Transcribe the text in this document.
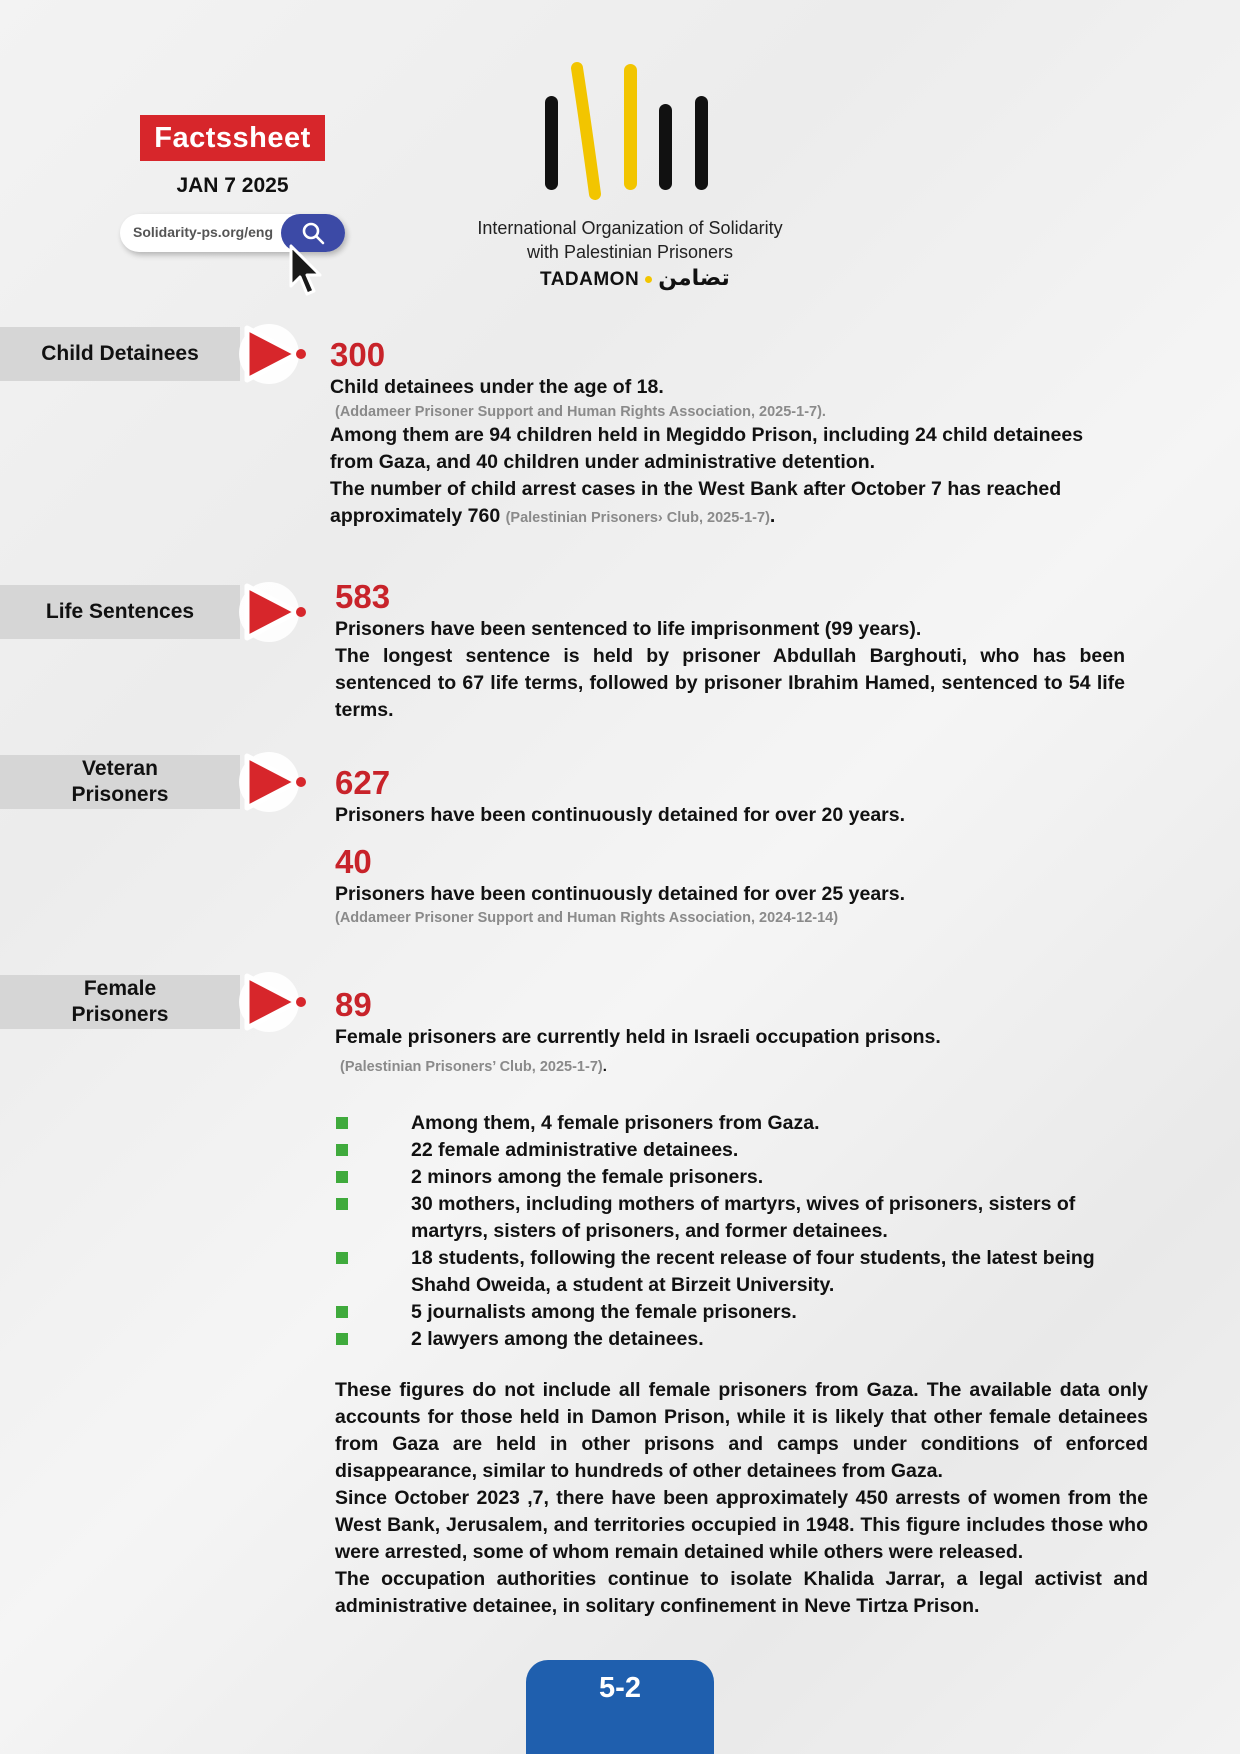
Factssheet
JAN 7 2025
Solidarity-ps.org/eng	International Organization of Solidarity
with Palestinian Prisoners
TADAMON تضامن
Child Detainees	300
Child detainees under the age of 18.
(Addameer Prisoner Support and Human Rights Association, 2025-1-7).
Among them are 94 children held in Megiddo Prison, including 24 child detainees from Gaza, and 40 children under administrative detention.
The number of child arrest cases in the West Bank after October 7 has reached approximately 760 (Palestinian Prisoners› Club, 2025-1-7).
Life Sentences	583
Prisoners have been sentenced to life imprisonment (99 years).
The longest sentence is held by prisoner Abdullah Barghouti, who has been sentenced to 67 life terms, followed by prisoner Ibrahim Hamed, sentenced to 54 life terms.
Veteran
Prisoners	627
Prisoners have been continuously detained for over 20 years.
40
Prisoners have been continuously detained for over 25 years.
(Addameer Prisoner Support and Human Rights Association, 2024-12-14)
Female
Prisoners	89
Female prisoners are currently held in Israeli occupation prisons.
(Palestinian Prisoners’ Club, 2025-1-7).
Among them, 4 female prisoners from Gaza.
22 female administrative detainees.
2 minors among the female prisoners.
30 mothers, including mothers of martyrs, wives of prisoners, sisters of martyrs, sisters of prisoners, and former detainees.
18 students, following the recent release of four students, the latest being Shahd Oweida, a student at Birzeit University.
5 journalists among the female prisoners.
2 lawyers among the detainees.
These figures do not include all female prisoners from Gaza. The available data only accounts for those held in Damon Prison, while it is likely that other female detainees from Gaza are held in other prisons and camps under conditions of enforced disappearance, similar to hundreds of other detainees from Gaza.
Since October 2023 ,7, there have been approximately 450 arrests of women from the West Bank, Jerusalem, and territories occupied in 1948. This figure includes those who were arrested, some of whom remain detained while others were released.
The occupation authorities continue to isolate Khalida Jarrar, a legal activist and administrative detainee, in solitary confinement in Neve Tirtza Prison.
5-2
